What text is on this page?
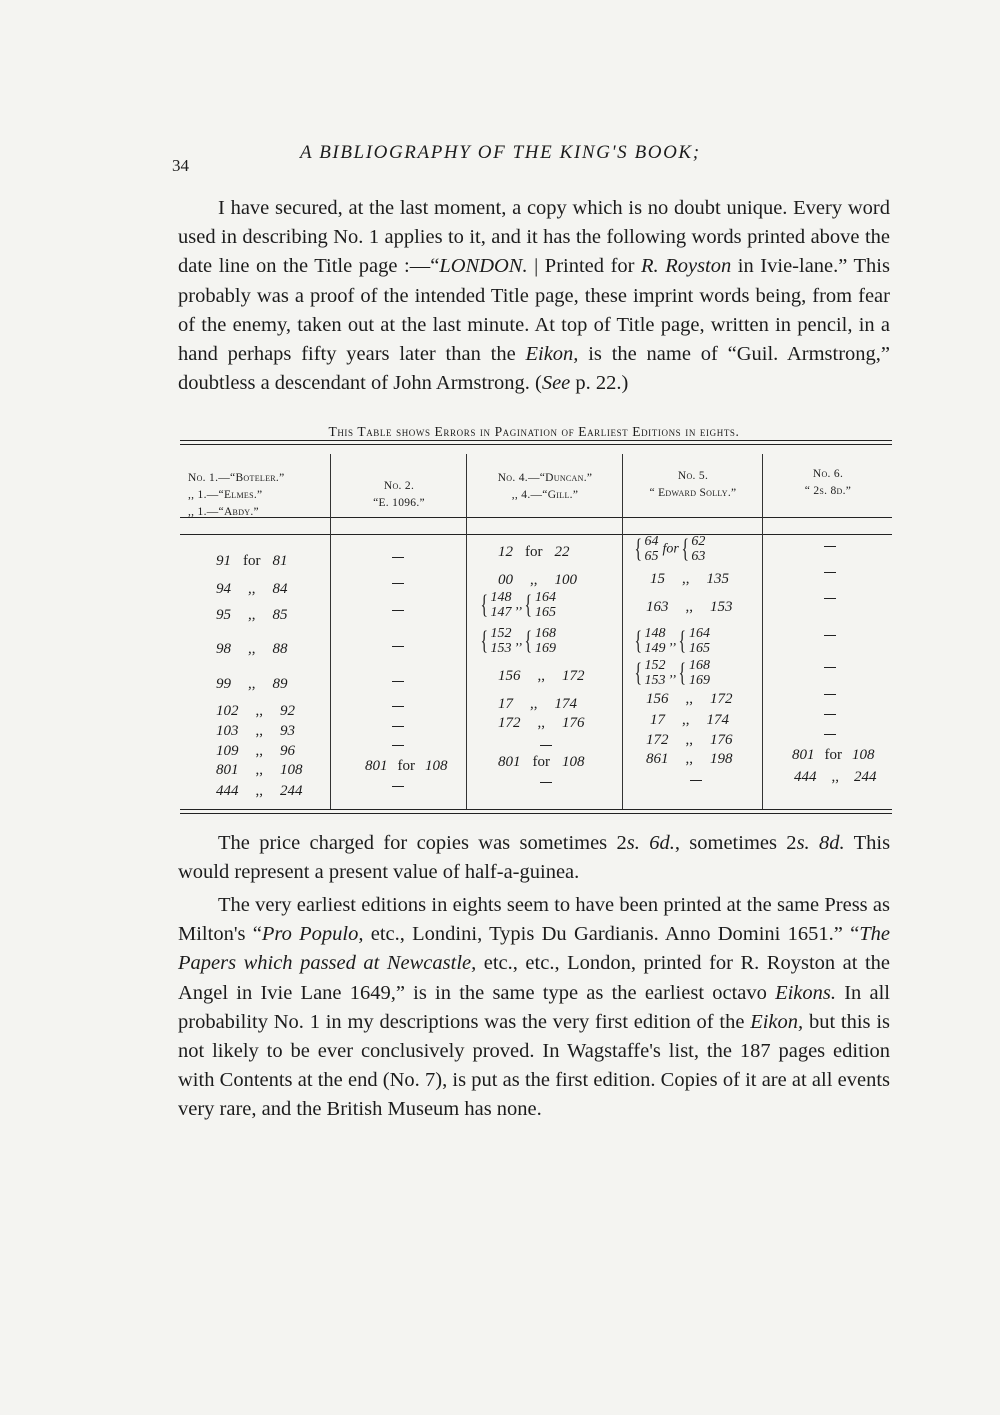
34
A BIBLIOGRAPHY OF THE KING'S BOOK;

I have secured, at the last moment, a copy which is no doubt unique. Every word used in describing No. 1 applies to it, and it has the following words printed above the date line on the Title page :—“LONDON. | Printed for R. Royston in Ivie-lane.” This probably was a proof of the intended Title page, these imprint words being, from fear of the enemy, taken out at the last minute. At top of Title page, written in pencil, in a hand perhaps fifty years later than the Eikon, is the name of “Guil. Armstrong,” doubtless a descendant of John Armstrong. (See p. 22.)

This Table shows Errors in Pagination of Earliest Editions in eights.
No. 1.—“Boteler.”
,, 1.—“Elmes.”
,, 1.—“Abdy.”
No. 2.
“E. 1096.”
No. 4.—“Duncan.”
,, 4.—“Gill.”
No. 5.
“ Edward Solly.”
No. 6.
“ 2s. 8d.”
91 for 81
94 ,, 84
95 ,, 85
98 ,, 88
99 ,, 89
102 ,, 92
103 ,, 93
109 ,, 96
801 ,, 108
444 ,, 244
801 for 108
12 for 22
00 ,, 100
{ 148
147 ,,{ 164
165
{ 152
153 ,,{ 168
169
156 ,, 172
17 ,, 174
172 ,, 176
801 for 108
{ 64
65 for{ 62
63
15 ,, 135
163 ,, 153
{ 148
149 ,,{ 164
165
{ 152
153 ,,{ 168
169
156 ,, 172
17 ,, 174
172 ,, 176
861 ,, 198	801 for 108
444 ,, 244

The price charged for copies was sometimes 2s. 6d., sometimes 2s. 8d. This would represent a present value of half-a-guinea.

The very earliest editions in eights seem to have been printed at the same Press as Milton's “Pro Populo, etc., Londini, Typis Du Gardianis. Anno Domini 1651.” “The Papers which passed at Newcastle, etc., etc., London, printed for R. Royston at the Angel in Ivie Lane 1649,” is in the same type as the earliest octavo Eikons. In all probability No. 1 in my descriptions was the very first edition of the Eikon, but this is not likely to be ever conclusively proved. In Wagstaffe's list, the 187 pages edition with Contents at the end (No. 7), is put as the first edition. Copies of it are at all events very rare, and the British Museum has none.
